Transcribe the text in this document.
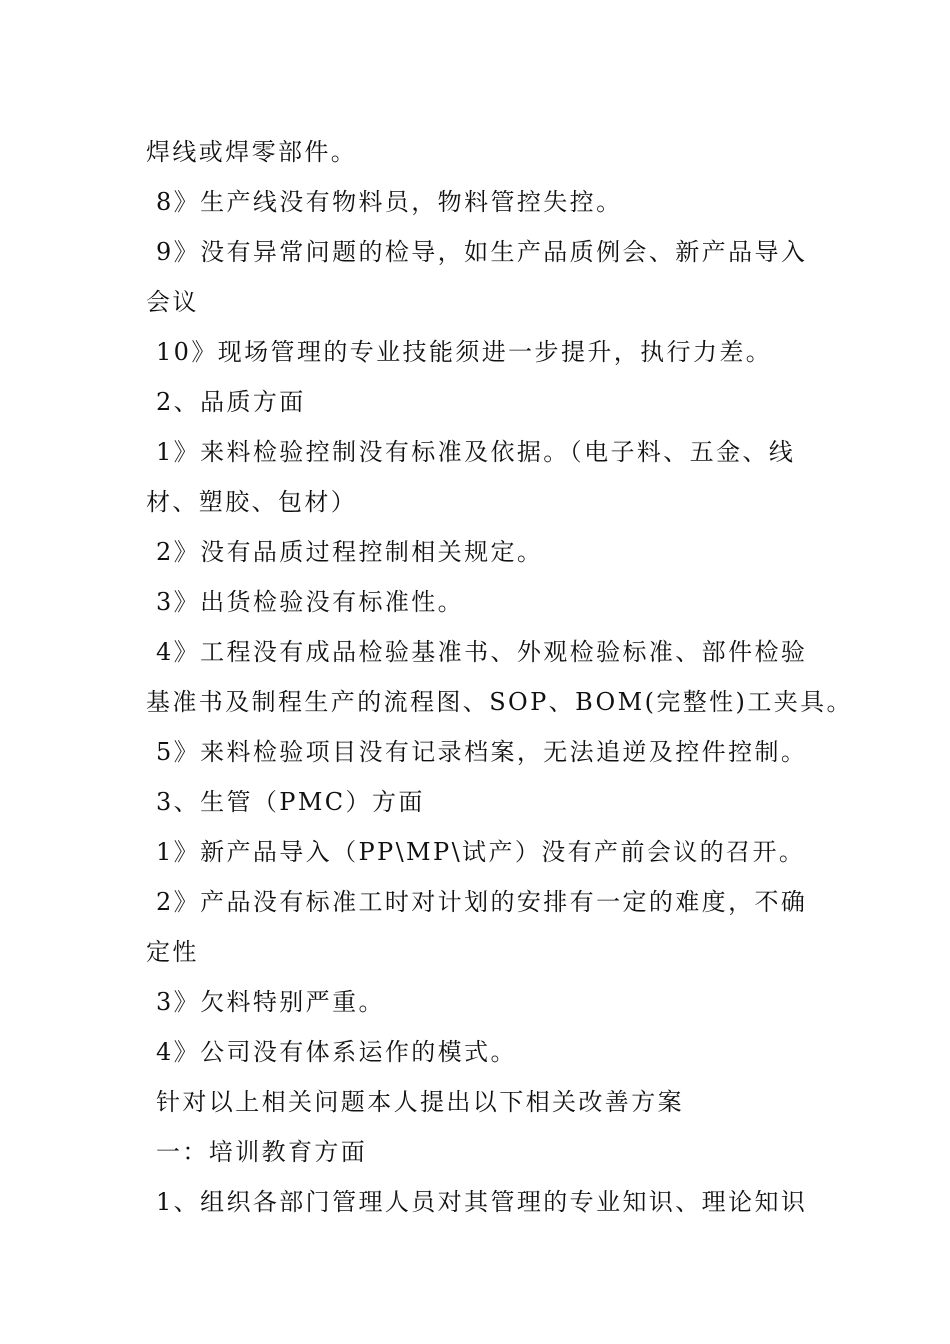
焊线或焊零部件。
8》生产线没有物料员，物料管控失控。
9》没有异常问题的检导，如生产品质例会、新产品导入
会议
10》现场管理的专业技能须进一步提升，执行力差。
2、品质方面
1》来料检验控制没有标准及依据。（电子料、五金、线
材、塑胶、包材）
2》没有品质过程控制相关规定。
3》出货检验没有标准性。
4》工程没有成品检验基准书、外观检验标准、部件检验
基准书及制程生产的流程图、SOP、BOM(完整性)工夹具。
5》来料检验项目没有记录档案，无法追逆及控件控制。
3、生管（PMC）方面
1》新产品导入（PP\MP\试产）没有产前会议的召开。
2》产品没有标准工时对计划的安排有一定的难度，不确
定性
3》欠料特别严重。
4》公司没有体系运作的模式。
针对以上相关问题本人提出以下相关改善方案
一：培训教育方面
1、组织各部门管理人员对其管理的专业知识、理论知识
